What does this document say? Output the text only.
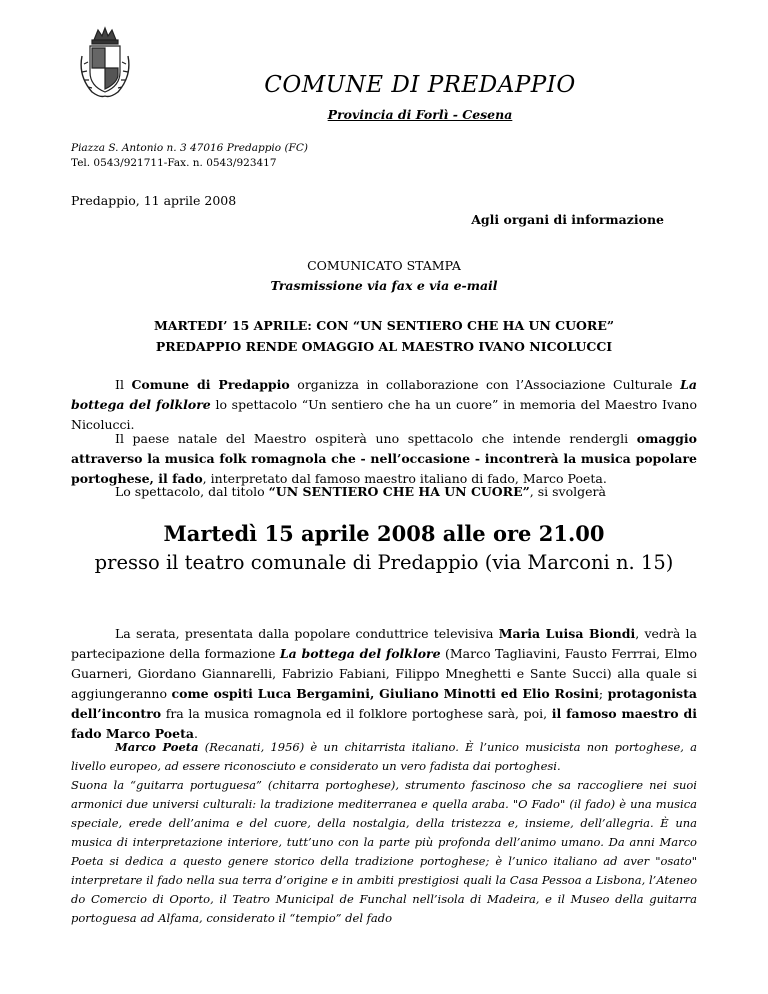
COMUNE DI PREDAPPIO
Provincia di Forlì - Cesena
Piazza S. Antonio n. 3 47016 Predappio (FC)
Tel. 0543/921711-Fax. n. 0543/923417
Predappio, 11 aprile 2008
Agli organi di informazione
COMUNICATO STAMPA
Trasmissione via fax e via e-mail
MARTEDI’ 15 APRILE: CON “UN SENTIERO CHE HA UN CUORE”
PREDAPPIO RENDE OMAGGIO AL MAESTRO IVANO NICOLUCCI

Il Comune di Predappio organizza in collaborazione con l’Associazione Culturale La bottega del folklore lo spettacolo “Un sentiero che ha un cuore” in memoria del Maestro Ivano Nicolucci.

Il paese natale del Maestro ospiterà uno spettacolo che intende rendergli omaggio attraverso la musica folk romagnola che - nell’occasione - incontrerà la musica popolare portoghese, il fado, interpretato dal famoso maestro italiano di fado, Marco Poeta.

Lo spettacolo, dal titolo “UN SENTIERO CHE HA UN CUORE”, si svolgerà

Martedì 15 aprile 2008 alle ore 21.00
presso il teatro comunale di Predappio (via Marconi n. 15)

La serata, presentata dalla popolare conduttrice televisiva Maria Luisa Biondi, vedrà la partecipazione della formazione La bottega del folklore (Marco Tagliavini, Fausto Ferrrai, Elmo Guarneri, Giordano Giannarelli, Fabrizio Fabiani, Filippo Mneghetti e Sante Succi) alla quale si aggiungeranno come ospiti Luca Bergamini, Giuliano Minotti ed Elio Rosini; protagonista dell’incontro fra la musica romagnola ed il folklore portoghese sarà, poi, il famoso maestro di fado Marco Poeta.

Marco Poeta (Recanati, 1956) è un chitarrista italiano. È l’unico musicista non portoghese, a livello europeo, ad essere riconosciuto e considerato un vero fadista dai portoghesi.
Suona la “guitarra portuguesa” (chitarra portoghese), strumento fascinoso che sa raccogliere nei suoi armonici due universi culturali: la tradizione mediterranea e quella araba. "O Fado" (il fado) è una musica speciale, erede dell’anima e del cuore, della nostalgia, della tristezza e, insieme, dell’allegria. È una musica di interpretazione interiore, tutt’uno con la parte più profonda dell’animo umano. Da anni Marco Poeta si dedica a questo genere storico della tradizione portoghese; è l’unico italiano ad aver "osato" interpretare il fado nella sua terra d’origine e in ambiti prestigiosi quali la Casa Pessoa a Lisbona, l’Ateneo do Comercio di Oporto, il Teatro Municipal de Funchal nell’isola di Madeira, e il Museo della guitarra portoguesa ad Alfama, considerato il “tempio” del fado
